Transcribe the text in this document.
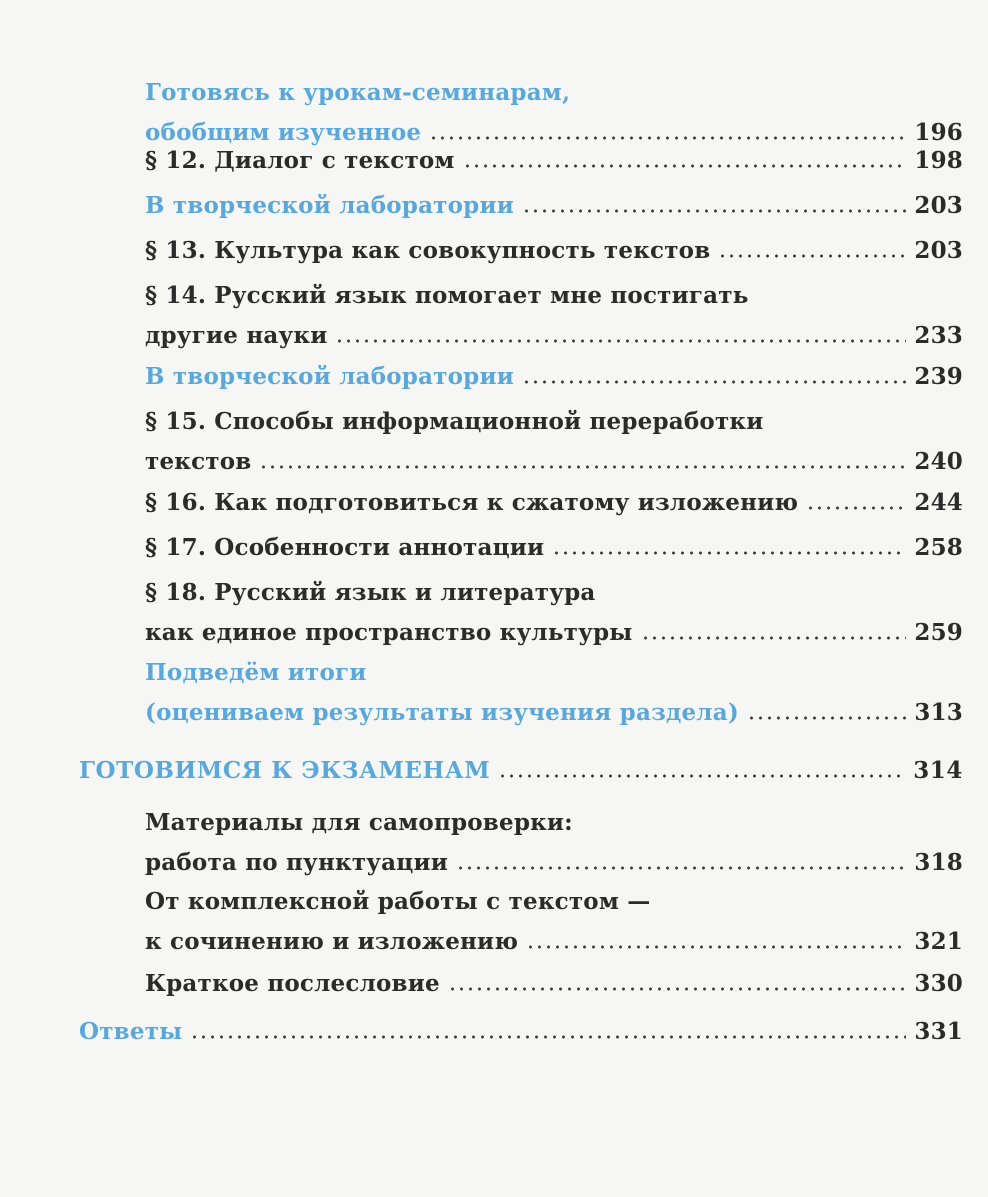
Готовясь к урокам-семинарам,
обобщим изученное	196
§ 12. Диалог с текстом	198
В творческой лаборатории	203
§ 13. Культура как совокупность текстов	203
§ 14. Русский язык помогает мне постигать
другие науки	233
В творческой лаборатории	239
§ 15. Способы информационной переработки
текстов	240
§ 16. Как подготовиться к сжатому изложению	244
§ 17. Особенности аннотации	258
§ 18. Русский язык и литература
как единое пространство культуры	259
Подведём итоги
(оцениваем результаты изучения раздела)	313
ГОТОВИМСЯ К ЭКЗАМЕНАМ	314
Материалы для самопроверки:
работа по пунктуации	318
От комплексной работы с текстом —
к сочинению и изложению	321
Краткое послесловие	330
Ответы	331
